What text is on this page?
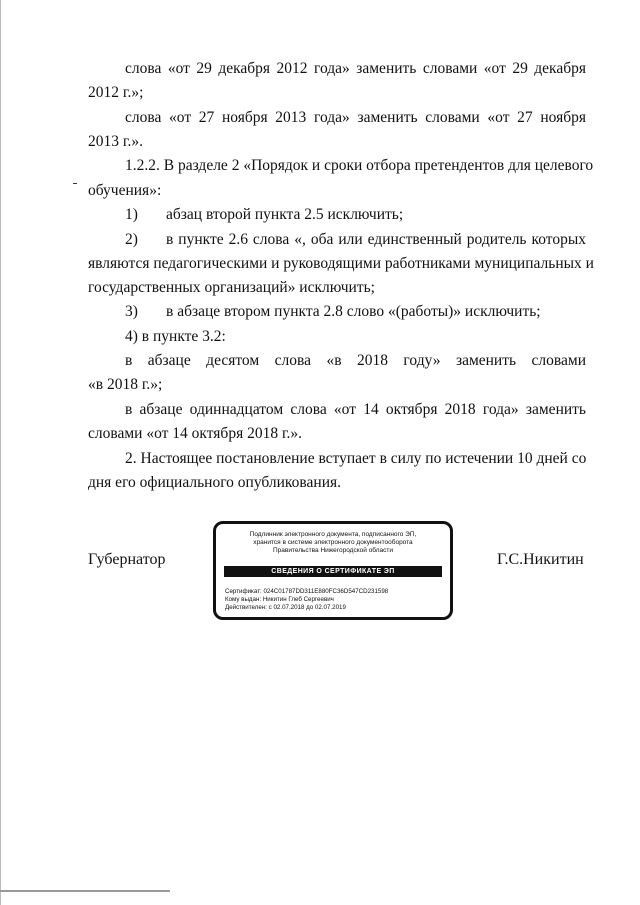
слова «от 29 декабря 2012 года» заменить словами «от 29 декабря
2012 г.»;
слова «от 27 ноября 2013 года» заменить словами «от 27 ноября
2013 г.».
1.2.2. В разделе 2 «Порядок и сроки отбора претендентов для целевого
обучения»:
1) абзац второй пункта 2.5 исключить;
2) в пункте 2.6 слова «, оба или единственный родитель которых
являются педагогическими и руководящими работниками муниципальных и
государственных организаций» исключить;
3) в абзаце втором пункта 2.8 слово «(работы)» исключить;
4) в пункте 3.2:
в абзаце десятом слова «в 2018 году» заменить словами
«в 2018 г.»;
в абзаце одиннадцатом слова «от 14 октября 2018 года» заменить
словами «от 14 октября 2018 г.».
2. Настоящее постановление вступает в силу по истечении 10 дней со
дня его официального опубликования.
Губернатор	Г.С.Никитин
Подлинник электронного документа, подписанного ЭП,
хранится в системе электронного документооборота
Правительства Нижегородской области
СВЕДЕНИЯ О СЕРТИФИКАТЕ ЭП
Сертификат: 024C01787DD311E880FC36D547CD231598
Кому выдан: Никитин Глеб Сергеевич
Действителен: с 02.07.2018 до 02.07.2019
